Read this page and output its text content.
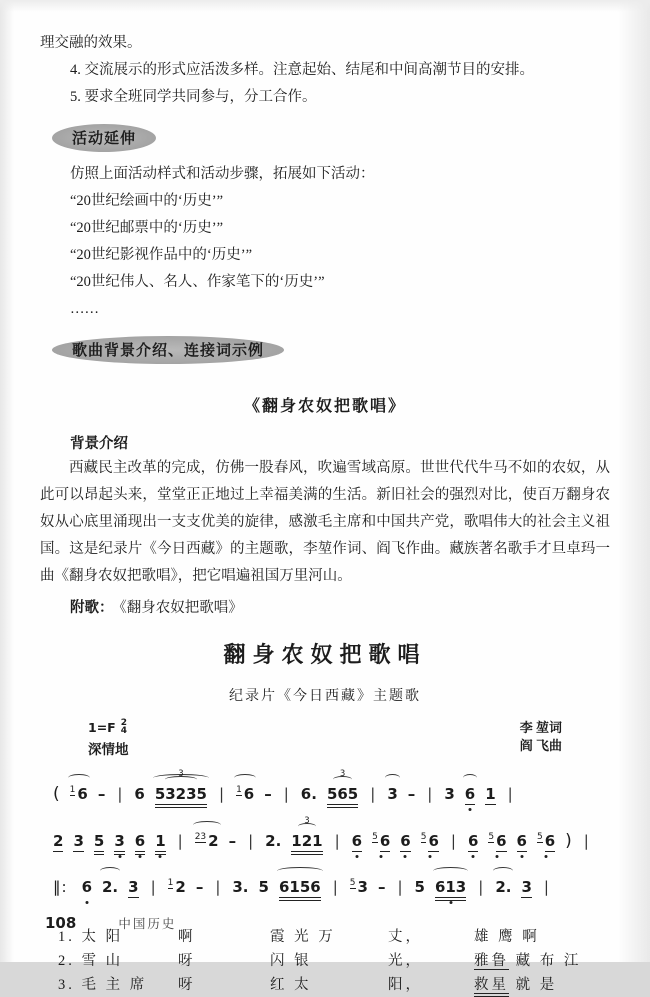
理交融的效果。
4. 交流展示的形式应活泼多样。注意起始、结尾和中间高潮节目的安排。
5. 要求全班同学共同参与，分工合作。
活动延伸
仿照上面活动样式和活动步骤，拓展如下活动：
“20世纪绘画中的‘历史’”
“20世纪邮票中的‘历史’”
“20世纪影视作品中的‘历史’”
“20世纪伟人、名人、作家笔下的‘历史’”
……
歌曲背景介绍、连接词示例
《翻身农奴把歌唱》
背景介绍

西藏民主改革的完成，仿佛一股春风，吹遍雪域高原。世世代代牛马不如的农奴，从此可以昂起头来，堂堂正正地过上幸福美满的生活。新旧社会的强烈对比，使百万翻身农奴从心底里涌现出一支支优美的旋律，感激毛主席和中国共产党，歌唱伟大的社会主义祖国。这是纪录片《今日西藏》的主题歌，李堃作词、阎飞作曲。藏族著名歌手才旦卓玛一曲《翻身农奴把歌唱》，把它唱遍祖国万里河山。

附歌： 《翻身农奴把歌唱》
翻身农奴把歌唱
纪录片《今日西藏》主题歌
1=F 2
4
深情地
李 堃词
阎 飞曲
( $^1$ 6 – | 6
3
53235 | $^1$ 6 – | 6.
3
565 | 3 – | 3 6 1 |
2 3 5 3 6 1 | $^{23}$ 2 – | 2.
3
121 | 6 $^5$ 6 6 $^5$ 6 | 6 $^5$ 6 6 $^5$ 6 ) |
‖: 6 2. 3 | $^1$ 2 – | 3. 5 6156 | $^5$ 3 – | 5 613 | 2. 3 |
1. 太 阳	啊	霞 光 万	丈，	雄 鹰 啊
2. 雪 山	呀	闪 银	光，	雅鲁 藏 布 江
3. 毛 主 席	呀	红 太	阳，	救星 就 是
108	中国历史
